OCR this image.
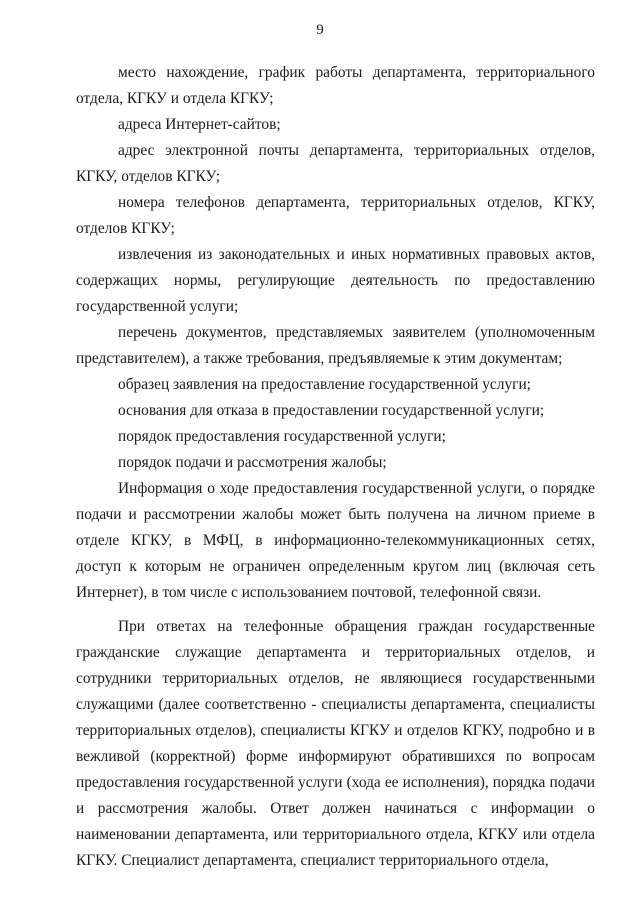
9

место нахождение, график работы департамента, территориального отдела, КГКУ и отдела КГКУ;

адреса Интернет-сайтов;

адрес электронной почты департамента, территориальных отделов, КГКУ, отделов КГКУ;

номера телефонов департамента, территориальных отделов, КГКУ, отделов КГКУ;

извлечения из законодательных и иных нормативных правовых актов, содержащих нормы, регулирующие деятельность по предоставлению государственной услуги;

перечень документов, представляемых заявителем (уполномоченным представителем), а также требования, предъявляемые к этим документам;

образец заявления на предоставление государственной услуги;

основания для отказа в предоставлении государственной услуги;

порядок предоставления государственной услуги;

порядок подачи и рассмотрения жалобы;

Информация о ходе предоставления государственной услуги, о порядке подачи и рассмотрении жалобы может быть получена на личном приеме в отделе КГКУ, в МФЦ, в информационно-телекоммуникационных сетях, доступ к которым не ограничен определенным кругом лиц (включая сеть Интернет), в том числе с использованием почтовой, телефонной связи.

При ответах на телефонные обращения граждан государственные гражданские служащие департамента и территориальных отделов, и сотрудники территориальных отделов, не являющиеся государственными служащими (далее соответственно - специалисты департамента, специалисты территориальных отделов), специалисты КГКУ и отделов КГКУ, подробно и в вежливой (корректной) форме информируют обратившихся по вопросам предоставления государственной услуги (хода ее исполнения), порядка подачи и рассмотрения жалобы. Ответ должен начинаться с информации о наименовании департамента, или территориального отдела, КГКУ или отдела КГКУ. Специалист департамента, специалист территориального отдела,
